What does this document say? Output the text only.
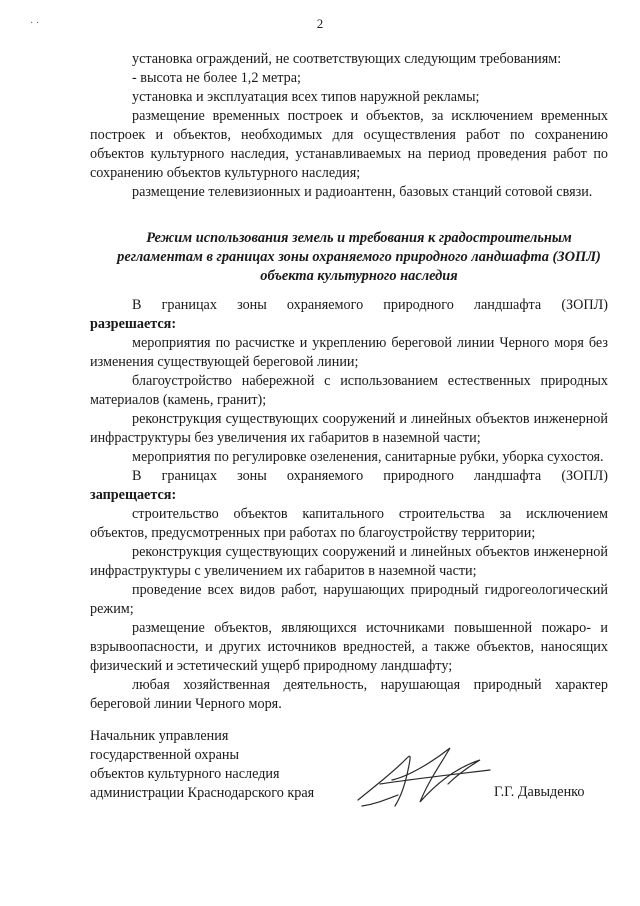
· ·	2

установка ограждений, не соответствующих следующим требованиям:

- высота не более 1,2 метра;

установка и эксплуатация всех типов наружной рекламы;

размещение временных построек и объектов, за исключением временных построек и объектов, необходимых для осуществления работ по сохранению объектов культурного наследия, устанавливаемых на период проведения работ по сохранению объектов культурного наследия;

размещение телевизионных и радиоантенн, базовых станций сотовой связи.

Режим использования земель и требования к градостроительным регламентам в границах зоны охраняемого природного ландшафта (ЗОПЛ) объекта культурного наследия

В границах зоны охраняемого природного ландшафта (ЗОПЛ)

разрешается:

мероприятия по расчистке и укреплению береговой линии Черного моря без изменения существующей береговой линии;

благоустройство набережной с использованием естественных природных материалов (камень, гранит);

реконструкция существующих сооружений и линейных объектов инженерной инфраструктуры без увеличения их габаритов в наземной части;

мероприятия по регулировке озеленения, санитарные рубки, уборка сухостоя.

В границах зоны охраняемого природного ландшафта (ЗОПЛ)

запрещается:

строительство объектов капитального строительства за исключением объектов, предусмотренных при работах по благоустройству территории;

реконструкция существующих сооружений и линейных объектов инженерной инфраструктуры с увеличением их габаритов в наземной части;

проведение всех видов работ, нарушающих природный гидрогеологический режим;

размещение объектов, являющихся источниками повышенной пожаро- и взрывоопасности, и других источников вредностей, а также объектов, наносящих физический и эстетический ущерб природному ландшафту;

любая хозяйственная деятельность, нарушающая природный характер береговой линии Черного моря.

Начальник управления
государственной охраны
объектов культурного наследия
администрации Краснодарского края	Г.Г. Давыденко
